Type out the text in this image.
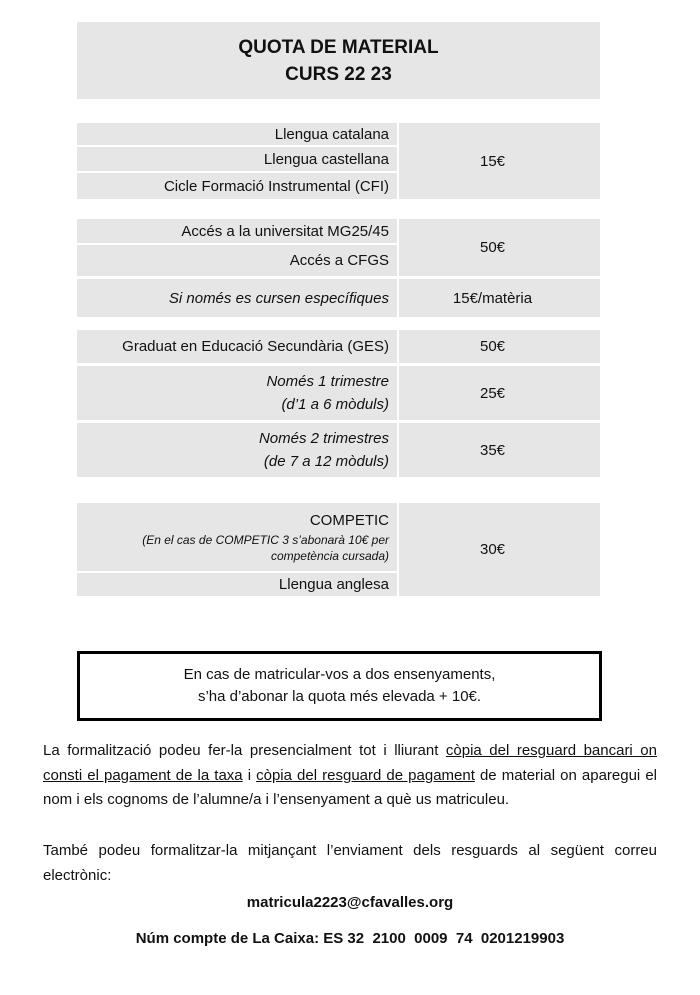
QUOTA DE MATERIAL
CURS 22 23
Llengua catalana
Llengua castellana
Cicle Formació Instrumental (CFI)
15€
Accés a la universitat MG25/45
Accés a CFGS
50€
Si només es cursen específiques	15€/matèria
Graduat en Educació Secundària (GES)	50€
Només 1 trimestre
(d’1 a 6 mòduls)
25€
Només 2 trimestres
(de 7 a 12 mòduls)
35€
COMPETIC
(En el cas de COMPETIC 3 s’abonarà 10€ per
competència cursada)
Llengua anglesa
30€
En cas de matricular-vos a dos ensenyaments,
s’ha d’abonar la quota més elevada + 10€.

La formalització podeu fer-la presencialment tot i lliurant còpia del resguard bancari on consti el pagament de la taxa i còpia del resguard de pagament de material on aparegui el nom i els cognoms de l’alumne/a i l’ensenyament a què us matriculeu.

També podeu formalitzar-la mitjançant l’enviament dels resguards al següent correu electrònic:

matricula2223@cfavalles.org
Núm compte de La Caixa: ES 32  2100  0009  74  0201219903
